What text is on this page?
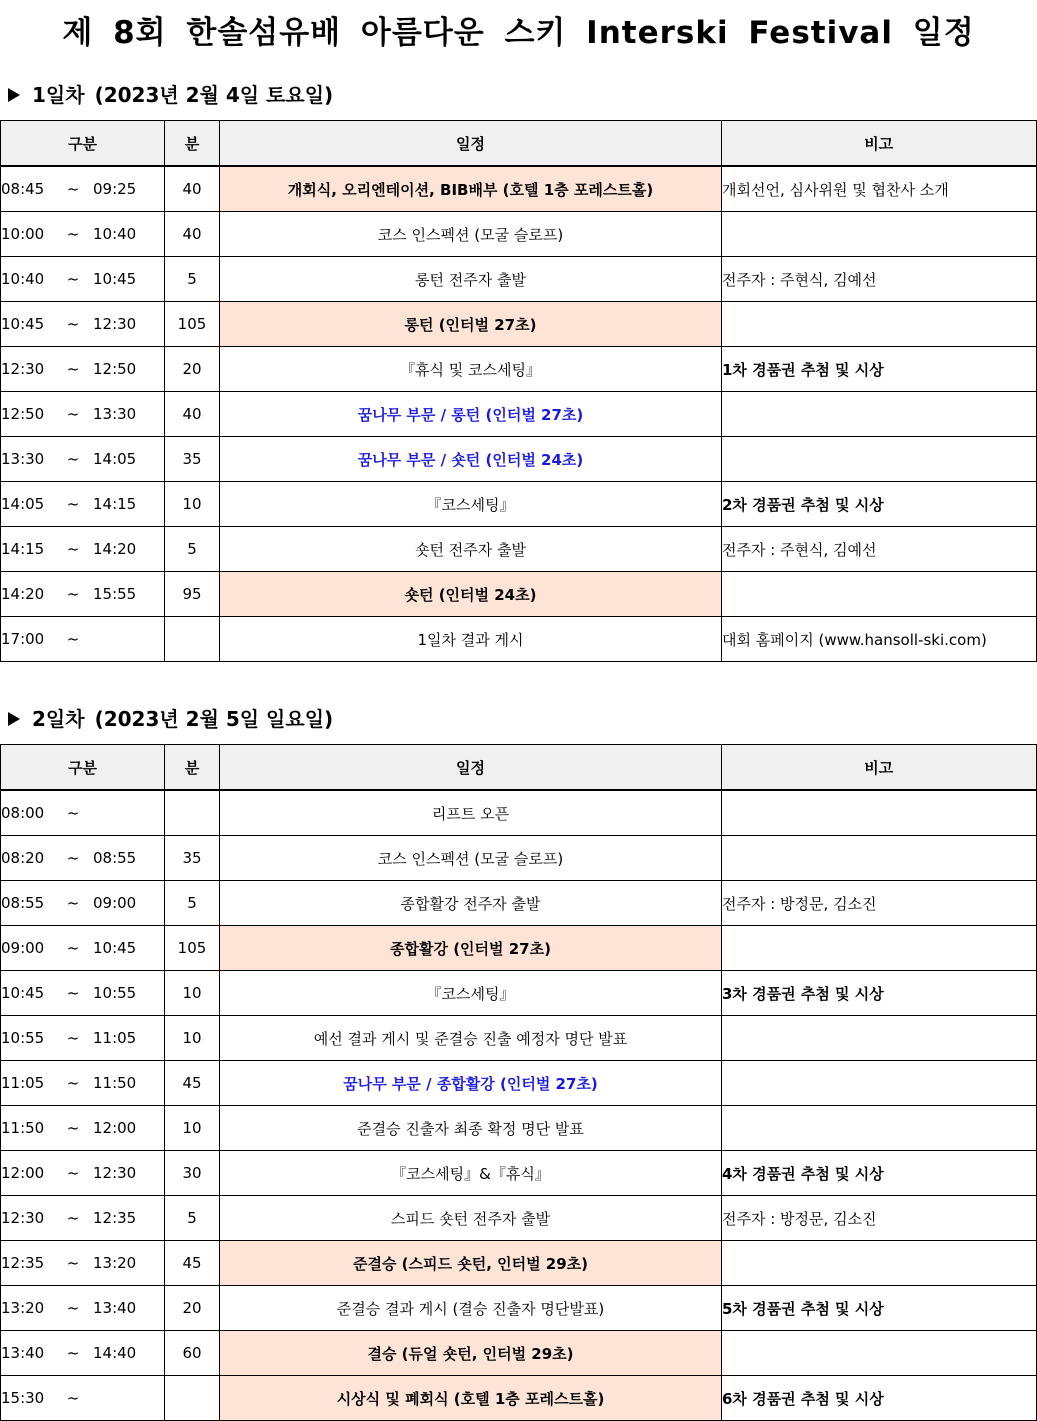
제 8회 한솔섬유배 아름다운 스키 Interski Festival 일정
1일차 (2023년 2월 4일 토요일)
구분	분	일정	비고
08:45 ~ 09:25	40	개회식, 오리엔테이션, BIB배부 (호텔 1층 포레스트홀)	개회선언, 심사위원 및 협찬사 소개
10:00 ~ 10:40	40	코스 인스펙션 (모굴 슬로프)	
10:40 ~ 10:45	5	롱턴 전주자 출발	전주자 : 주현식, 김예선
10:45 ~ 12:30	105	롱턴 (인터벌 27초)	
12:30 ~ 12:50	20	『휴식 및 코스세팅』	1차 경품권 추첨 및 시상
12:50 ~ 13:30	40	꿈나무 부문 / 롱턴 (인터벌 27초)	
13:30 ~ 14:05	35	꿈나무 부문 / 숏턴 (인터벌 24초)	
14:05 ~ 14:15	10	『코스세팅』	2차 경품권 추첨 및 시상
14:15 ~ 14:20	5	숏턴 전주자 출발	전주자 : 주현식, 김예선
14:20 ~ 15:55	95	숏턴 (인터벌 24초)	
17:00 ~		1일차 결과 게시	대회 홈페이지 (www.hansoll-ski.com)
2일차 (2023년 2월 5일 일요일)
구분	분	일정	비고
08:00 ~		리프트 오픈	
08:20 ~ 08:55	35	코스 인스펙션 (모굴 슬로프)	
08:55 ~ 09:00	5	종합활강 전주자 출발	전주자 : 방정문, 김소진
09:00 ~ 10:45	105	종합활강 (인터벌 27초)	
10:45 ~ 10:55	10	『코스세팅』	3차 경품권 추첨 및 시상
10:55 ~ 11:05	10	예선 결과 게시 및 준결승 진출 예정자 명단 발표	
11:05 ~ 11:50	45	꿈나무 부문 / 종합활강 (인터벌 27초)	
11:50 ~ 12:00	10	준결승 진출자 최종 확정 명단 발표	
12:00 ~ 12:30	30	『코스세팅』&『휴식』	4차 경품권 추첨 및 시상
12:30 ~ 12:35	5	스피드 숏턴 전주자 출발	전주자 : 방정문, 김소진
12:35 ~ 13:20	45	준결승 (스피드 숏턴, 인터벌 29초)	
13:20 ~ 13:40	20	준결승 결과 게시 (결승 진출자 명단발표)	5차 경품권 추첨 및 시상
13:40 ~ 14:40	60	결승 (듀얼 숏턴, 인터벌 29초)	
15:30 ~		시상식 및 폐회식 (호텔 1층 포레스트홀)	6차 경품권 추첨 및 시상
